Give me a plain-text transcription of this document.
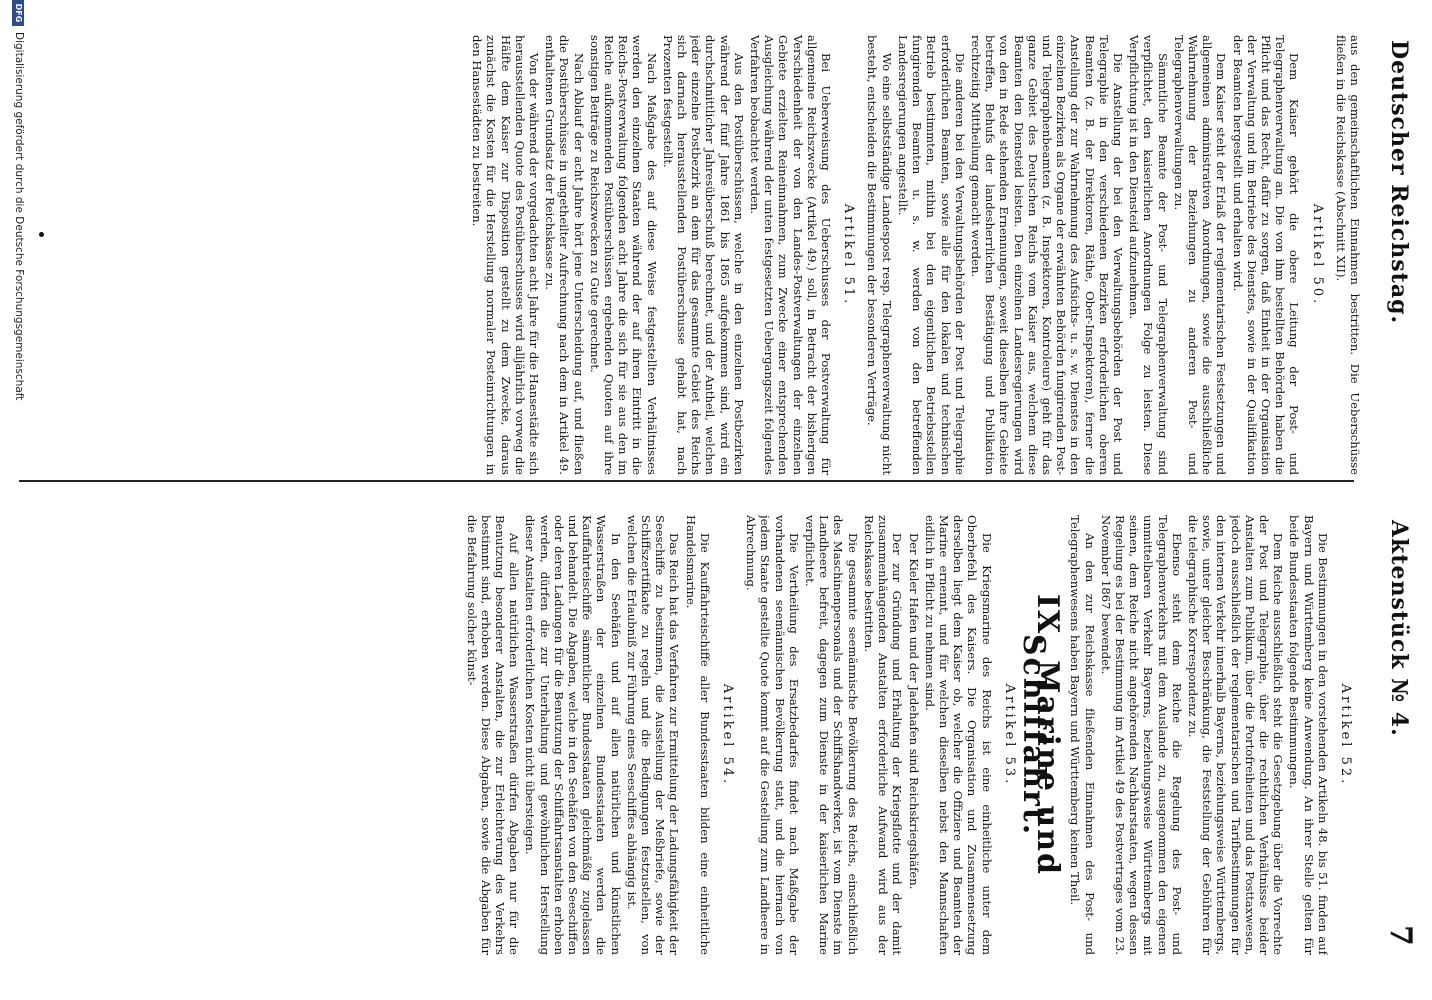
Deutscher Reichstag.
Aktenstück № 4.
7

aus den gemeinschaftlichen Einnahmen bestritten. Die Ueberschüsse fließen in die Reichskasse (Abschnitt XII).

Artikel 50.

Dem Kaiser gehört die obere Leitung der Post- und Telegraphenverwaltung an. Die von ihm bestellten Behörden haben die Pflicht und das Recht, dafür zu sorgen, daß Einheit in der Organisation der Verwaltung und im Betriebe des Dienstes, sowie in der Qualifikation der Beamten hergestellt und erhalten wird.

Dem Kaiser steht der Erlaß der reglementarischen Festsetzungen und allgemeinen administrativen Anordnungen, sowie die ausschließliche Wahrnehmung der Beziehungen zu anderen Post- und Telegraphenverwaltungen zu.

Sämmtliche Beamte der Post- und Telegraphenverwaltung sind verpflichtet, den kaiserlichen Anordnungen Folge zu leisten. Diese Verpflichtung ist in den Diensteid aufzunehmen.

Die Anstellung der bei den Verwaltungsbehörden der Post und Telegraphie in den verschiedenen Bezirken erforderlichen oberen Beamten (z. B. der Direktoren, Räthe, Ober-Inspektoren), ferner die Anstellung der zur Wahrnehmung des Aufsichts- u. s. w. Dienstes in den einzelnen Bezirken als Organe der erwähnten Behörden fungirenden Post- und Telegraphenbeamten (z. B. Inspektoren, Kontroleure) geht für das ganze Gebiet des Deutschen Reichs vom Kaiser aus, welchem diese Beamten den Diensteid leisten. Den einzelnen Landesregierungen wird von den in Rede stehenden Ernennungen, soweit dieselben ihre Gebiete betreffen, Behufs der landesherrlichen Bestätigung und Publikation rechtzeitig Mittheilung gemacht werden.

Die anderen bei den Verwaltungsbehörden der Post und Telegraphie erforderlichen Beamten, sowie alle für den lokalen und technischen Betrieb bestimmten, mithin bei den eigentlichen Betriebsstellen fungirenden Beamten u. s. w. werden von den betreffenden Landesregierungen angestellt.

Wo eine selbstständige Landespost resp. Telegraphenverwaltung nicht besteht, entscheiden die Bestimmungen der besonderen Verträge.

Artikel 51.

Bei Ueberweisung des Ueberschusses der Postverwaltung für allgemeine Reichszwecke (Artikel 49.) soll, in Betracht der bisherigen Verschiedenheit der von den Landes-Postverwaltungen der einzelnen Gebiete erzielten Reineinnahmen, zum Zwecke einer entsprechenden Ausgleichung während der unten festgesetzten Uebergangszeit folgendes Verfahren beobachtet werden.

Aus den Postüberschüssen, welche in den einzelnen Postbezirken während der fünf Jahre 1861 bis 1865 aufgekommen sind, wird ein durchschnittlicher Jahresüberschuß berechnet, und der Antheil, welchen jeder einzelne Postbezirk an dem für das gesammte Gebiet des Reichs sich darnach herausstellenden Postüberschusse gehabt hat, nach Prozenten festgestellt.

Nach Maßgabe des auf diese Weise festgestellten Verhältnisses werden den einzelnen Staaten während der auf ihren Eintritt in die Reichs-Postverwaltung folgenden acht Jahre die sich für sie aus den im Reiche aufkommenden Postüberschüssen ergebenden Quoten auf ihre sonstigen Beiträge zu Reichszwecken zu Gute gerechnet.

Nach Ablauf der acht Jahre hört jene Unterscheidung auf, und fließen die Postüberschüsse in ungetheilter Aufrechnung nach dem in Artikel 49. enthaltenen Grundsatz der Reichskasse zu.

Von der während der vorgedachten acht Jahre für die Hansestädte sich herausstellenden Quote des Postüberschusses wird alljährlich vorweg die Hälfte dem Kaiser zur Disposition gestellt zu dem Zwecke, daraus zunächst die Kosten für die Herstellung normaler Posteinrichtungen in den Hansestädten zu bestreiten.

Artikel 52.

Die Bestimmungen in den vorstehenden Artikeln 48. bis 51. finden auf Bayern und Württemberg keine Anwendung. An ihrer Stelle gelten für beide Bundesstaaten folgende Bestimmungen.

Dem Reiche ausschließlich steht die Gesetzgebung über die Vorrechte der Post und Telegraphie, über die rechtlichen Verhältnisse beider Anstalten zum Publikum, über die Portofreiheiten und das Posttaxwesen, jedoch ausschließlich der reglementarischen und Tarifbestimmungen für den internen Verkehr innerhalb Bayerns, beziehungsweise Württembergs, sowie, unter gleicher Beschränkung, die Feststellung der Gebühren für die telegraphische Korrespondenz zu.

Ebenso steht dem Reiche die Regelung des Post- und Telegraphenverkehrs mit dem Auslande zu, ausgenommen den eigenen unmittelbaren Verkehr Bayerns, beziehungsweise Württembergs mit seinen, dem Reiche nicht angehörenden Nachbarstaaten, wegen dessen Regelung es bei der Bestimmung im Artikel 49 des Postvertrages vom 23. November 1867 bewendet.

An den zur Reichskasse fließenden Einnahmen des Post- und Telegraphenwesens haben Bayern und Württemberg keinen Theil.

IX. Marine und Schiffahrt.
Artikel 53.

Die Kriegsmarine des Reichs ist eine einheitliche unter dem Oberbefehl des Kaisers. Die Organisation und Zusammensetzung derselben liegt dem Kaiser ob, welcher die Offiziere und Beamten der Marine ernennt, und für welchen dieselben nebst den Mannschaften eidlich in Pflicht zu nehmen sind.

Der Kieler Hafen und der Jadehafen sind Reichskriegshäfen.

Der zur Gründung und Erhaltung der Kriegsflotte und der damit zusammenhängenden Anstalten erforderliche Aufwand wird aus der Reichskasse bestritten.

Die gesammte seemännische Bevölkerung des Reichs, einschließlich des Maschinenpersonals und der Schiffshandwerker, ist vom Dienste im Landheere befreit, dagegen zum Dienste in der kaiserlichen Marine verpflichtet.

Die Vertheilung des Ersatzbedarfes findet nach Maßgabe der vorhandenen seemännischen Bevölkerung statt, und die hiernach von jedem Staate gestellte Quote kommt auf die Gestellung zum Landheere in Abrechnung.

Artikel 54.

Die Kauffahrteischiffe aller Bundesstaaten bilden eine einheitliche Handelsmarine.

Das Reich hat das Verfahren zur Ermittelung der Ladungsfähigkeit der Seeschiffe zu bestimmen, die Ausstellung der Meßbriefe, sowie der Schiffszertifikate zu regeln und die Bedingungen festzustellen, von welchen die Erlaubniß zur Führung eines Seeschiffes abhängig ist.

In den Seehäfen und auf allen natürlichen und künstlichen Wasserstraßen der einzelnen Bundesstaaten werden die Kauffahrteischiffe sämmtlicher Bundesstaaten gleichmäßig zugelassen und behandelt. Die Abgaben, welche in den Seehäfen von den Seeschiffen oder deren Ladungen für die Benutzung der Schiffahrtsanstalten erhoben werden, dürfen die zur Unterhaltung und gewöhnlichen Herstellung dieser Anstalten erforderlichen Kosten nicht übersteigen.

Auf allen natürlichen Wasserstraßen dürfen Abgaben nur für die Benutzung besonderer Anstalten, die zur Erleichterung des Verkehrs bestimmt sind, erhoben werden. Diese Abgaben, sowie die Abgaben für die Befahrung solcher künst-

DFG
Digitalisierung gefördert durch die Deutsche Forschungsgemeinschaft
